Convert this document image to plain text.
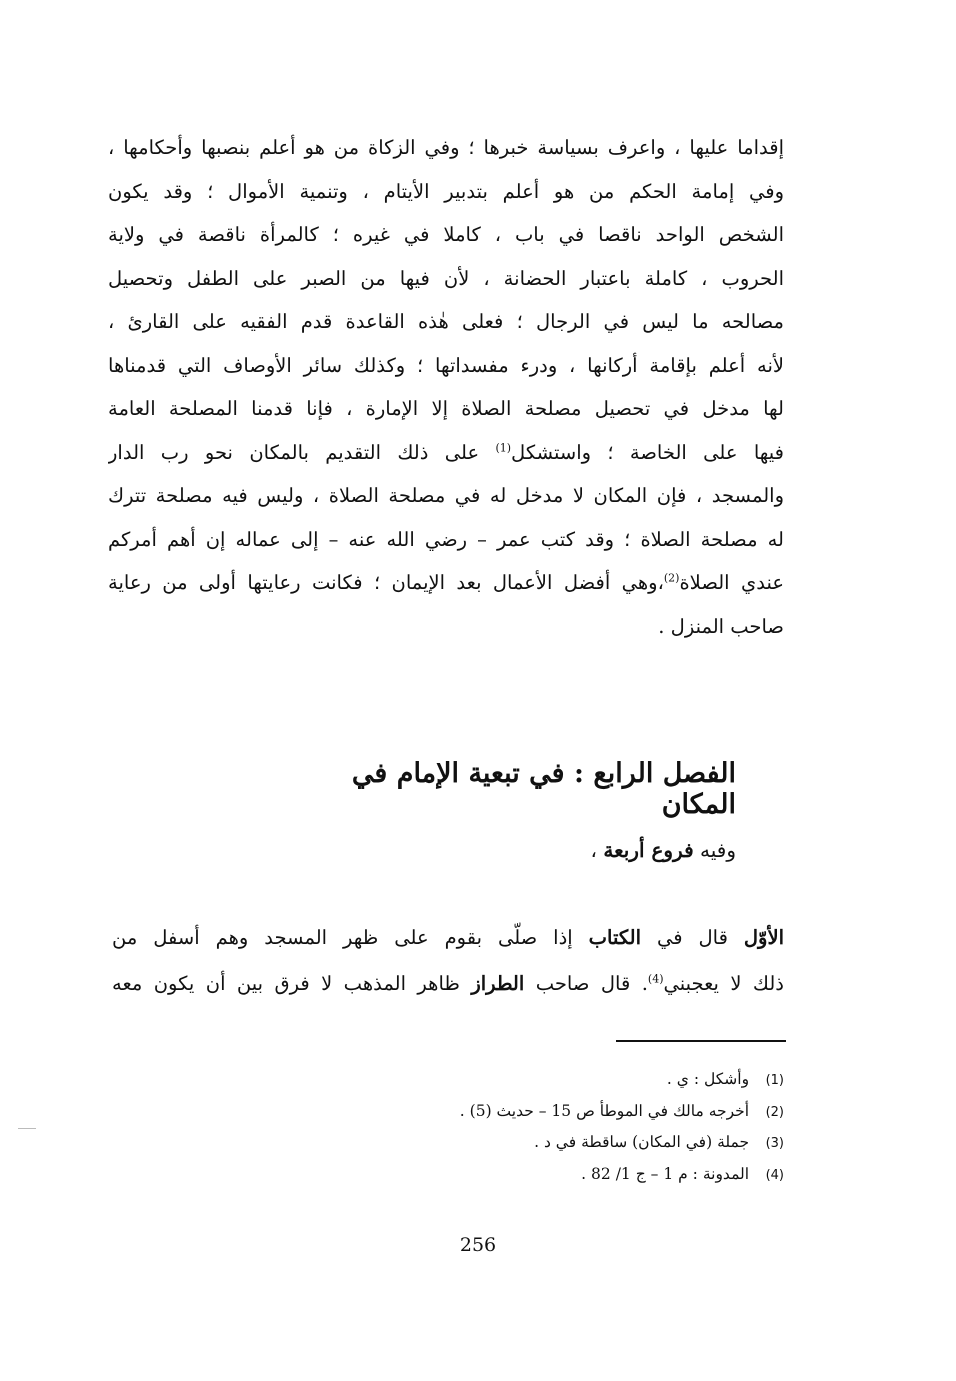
إقداما عليها ، واعرف بسياسة خبرها ؛ وفي الزكاة من هو أعلم بنصبها وأحكامها ،
وفي إمامة الحكم من هو أعلم بتدبير الأيتام ، وتنمية الأموال ؛ وقد يكون
الشخص الواحد ناقصا في باب ، كاملا في غيره ؛ كالمرأة ناقصة في ولاية
الحروب ، كاملة باعتبار الحضانة ، لأن فيها من الصبر على الطفل وتحصيل
مصالحه ما ليس في الرجال ؛ فعلى هٰذه القاعدة قدم الفقيه على القارئ ،
لأنه أعلم بإقامة أركانها ، ودرء مفسداتها ؛ وكذلك سائر الأوصاف التي قدمناها
لها مدخل في تحصيل مصلحة الصلاة إلا الإمارة ، فإنا قدمنا المصلحة العامة
فيها على الخاصة ؛ واستشكل$^{(1)}$ على ذلك التقديم بالمكان نحو رب الدار
والمسجد ، فإن المكان لا مدخل له في مصلحة الصلاة ، وليس فيه مصلحة تترك
له مصلحة الصلاة ؛ وقد كتب عمر – رضي الله عنه – إلى عماله إن أهم أمركم
عندي الصلاة$^{(2)}$،وهي أفضل الأعمال بعد الإيمان ؛ فكانت رعايتها أولى من رعاية
صاحب المنزل .
الفصل الرابع : في تبعية الإمام في المكان

وفيه فروع أربعة ،

الأوّل قال في الكتاب إذا صلّى بقوم على ظهر المسجد وهم أسفل من
ذلك لا يعجبني$^{(4)}$. قال صاحب الطراز ظاهر المذهب لا فرق بين أن يكون معه
(1) وأشكل : ي .
(2) أخرجه مالك في الموطأ ص 15 – حديث (5) .
(3) جملة (في المكان) ساقطة في د .
(4) المدونة : م 1 – ج 1/ 82 .

256
